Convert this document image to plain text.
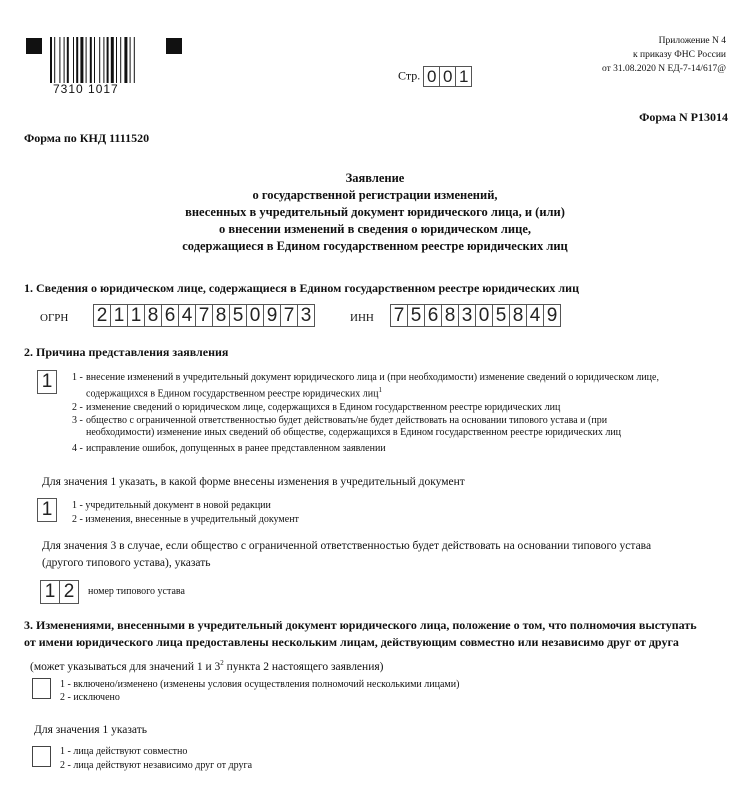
7310 1017
Стр. 0 0 1
Приложение N 4
к приказу ФНС России
от 31.08.2020 N ЕД-7-14/617@
Форма N Р13014
Форма по КНД 1111520
Заявление
о государственной регистрации изменений,
внесенных в учредительный документ юридического лица, и (или)
о внесении изменений в сведения о юридическом лице,
содержащиеся в Едином государственном реестре юридических лиц
1. Сведения о юридическом лице, содержащиеся в Едином государственном реестре юридических лиц
ОГРН 2 1 1 8 6 4 7 8 5 0 9 7 3	ИНН 7 5 6 8 3 0 5 8 4 9
2. Причина представления заявления
1	1 - внесение изменений в учредительный документ юридического лица и (при необходимости) изменение сведений о юридическом лице,
содержащихся в Едином государственном реестре юридических лиц$^1$
2 - изменение сведений о юридическом лице, содержащихся в Едином государственном реестре юридических лиц
3 - общество с ограниченной ответственностью будет действовать/не будет действовать на основании типового устава и (при
необходимости) изменение иных сведений об обществе, содержащихся в Едином государственном реестре юридических лиц
4 - исправление ошибок, допущенных в ранее представленном заявлении
Для значения 1 указать, в какой форме внесены изменения в учредительный документ
1	1 - учредительный документ в новой редакции
2 - изменения, внесенные в учредительный документ
Для значения 3 в случае, если общество с ограниченной ответственностью будет действовать на основании типового устава
(другого типового устава), указать
1 2	номер типового устава
3. Изменениями, внесенными в учредительный документ юридического лица, положение о том, что полномочия выступать
от имени юридического лица предоставлены нескольким лицам, действующим совместно или независимо друг от друга
(может указываться для значений 1 и $3^2$ пункта 2 настоящего заявления)
1 - включено/изменено (изменены условия осуществления полномочий несколькими лицами)
2 - исключено
Для значения 1 указать
1 - лица действуют совместно
2 - лица действуют независимо друг от друга
